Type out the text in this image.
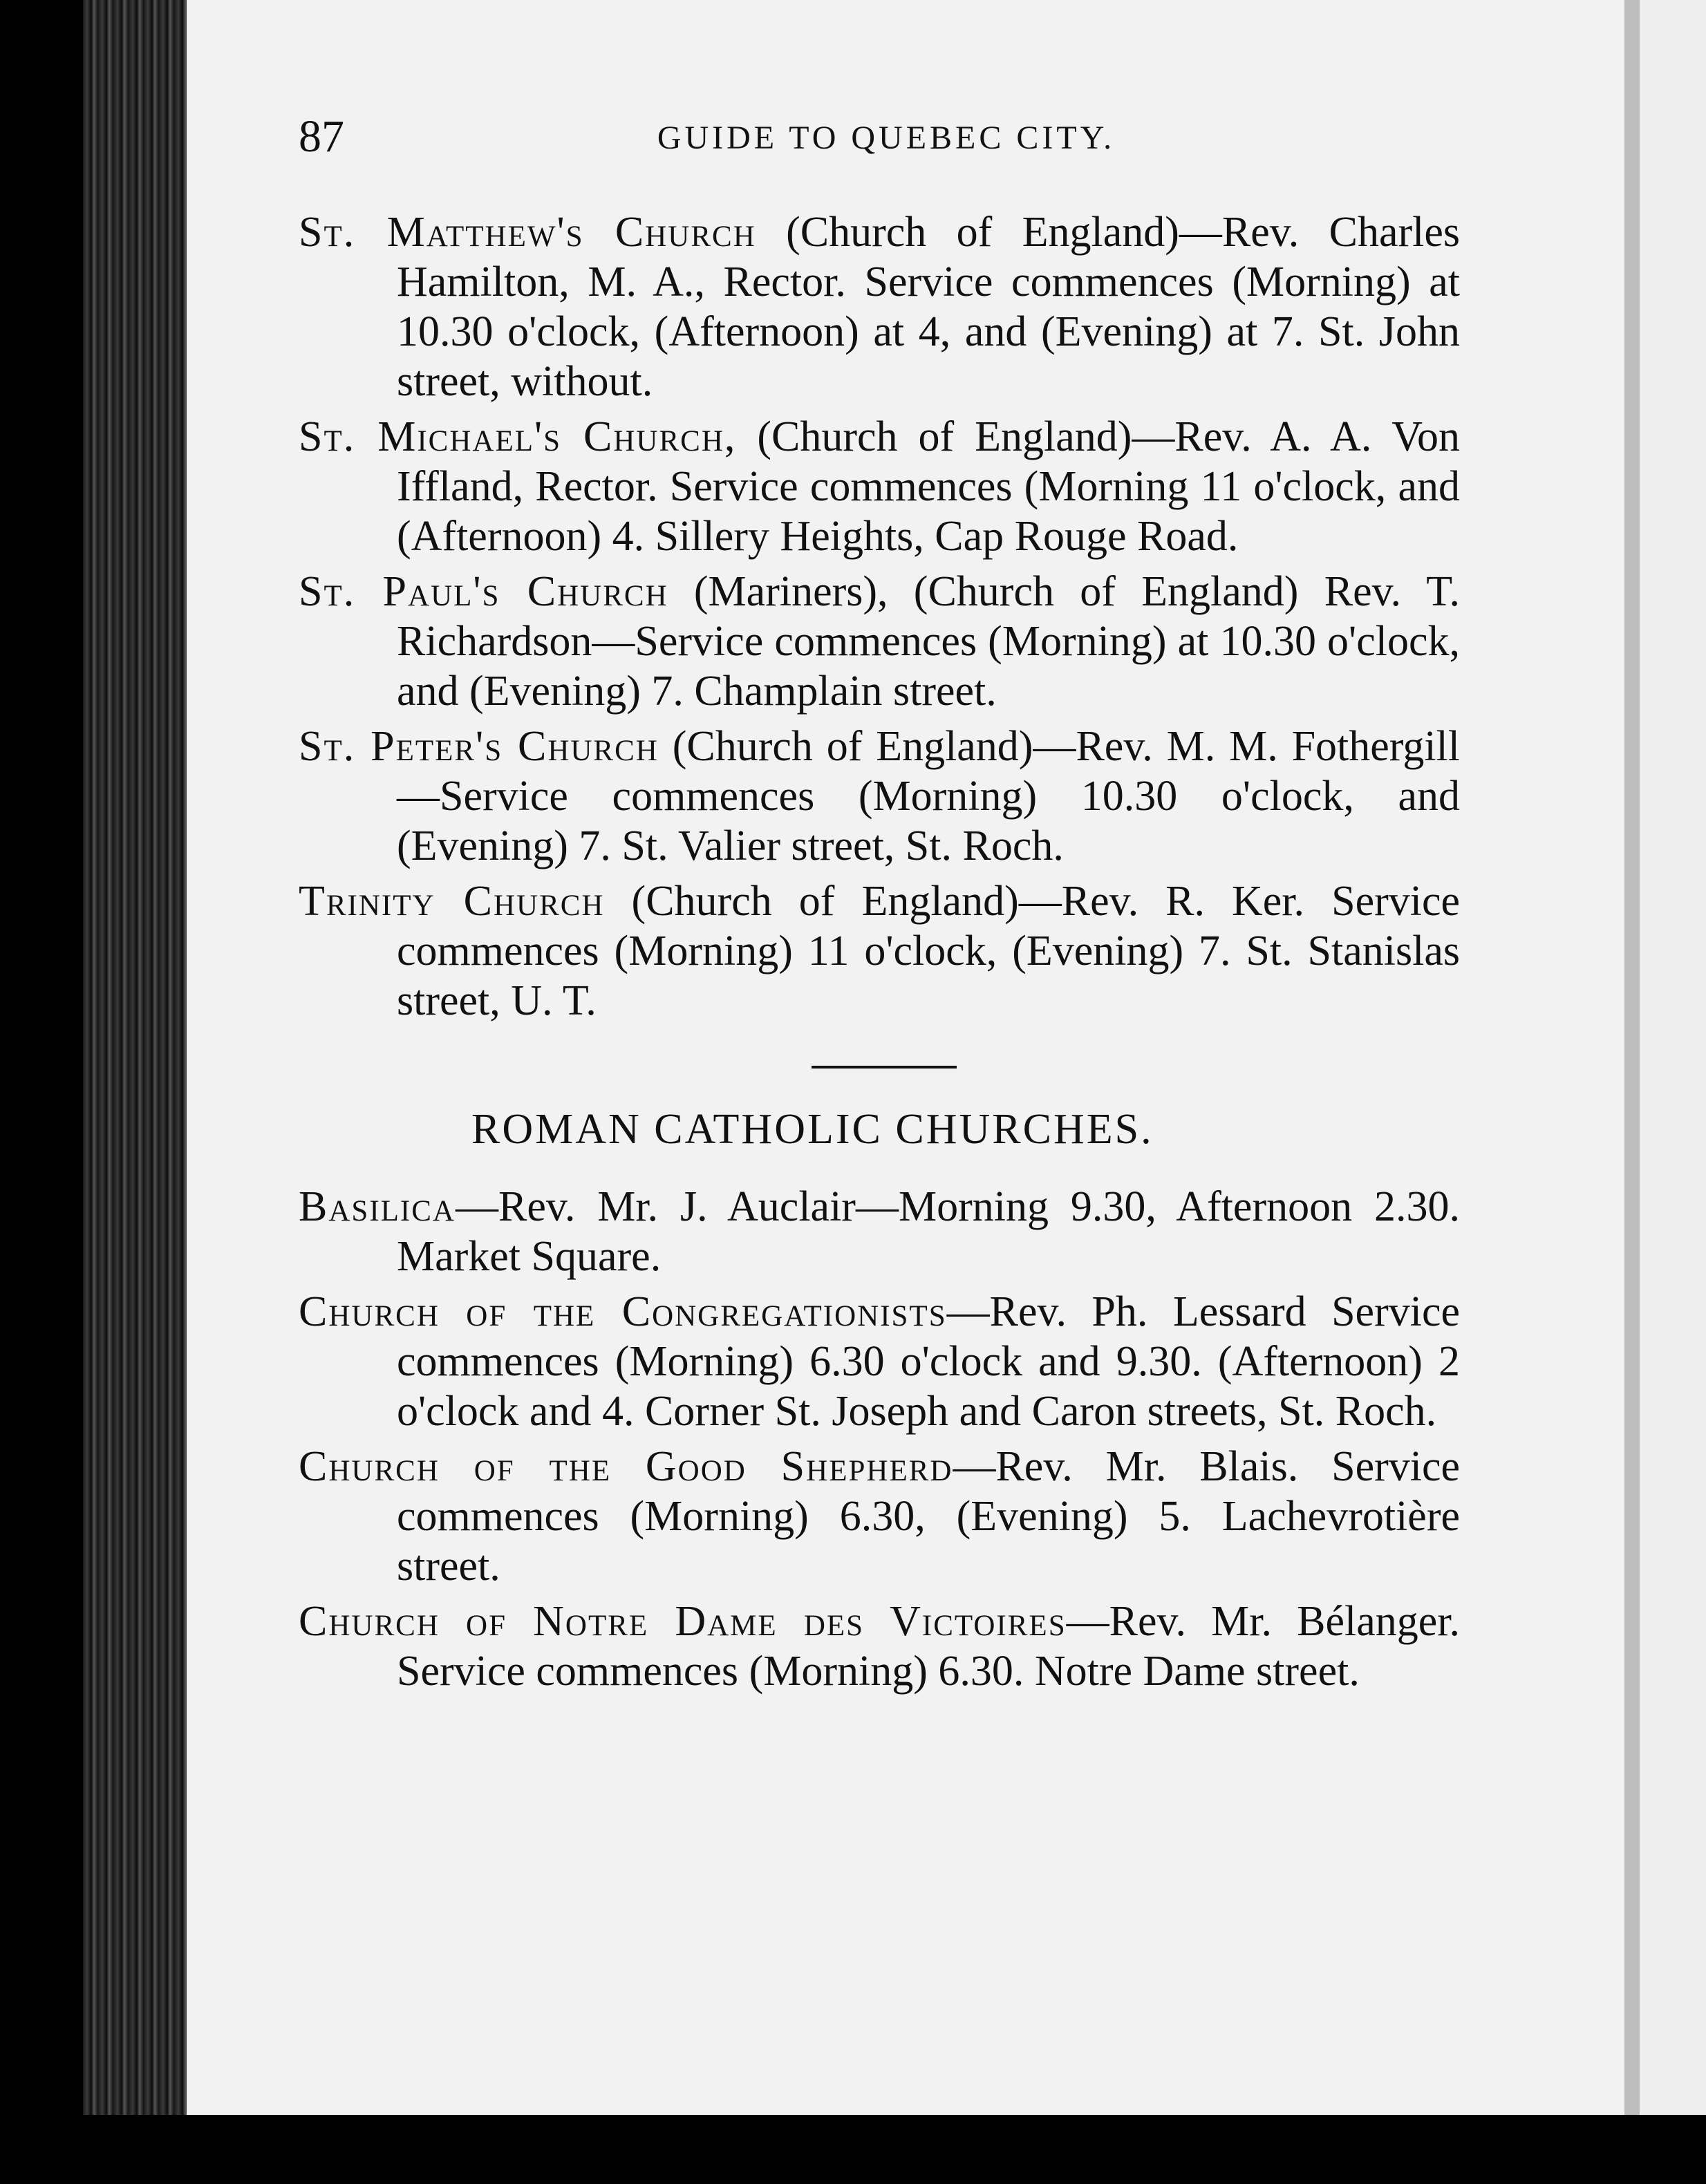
87	GUIDE TO QUEBEC CITY.

St. Matthew's Church (Church of England)—Rev. Charles Hamilton, M. A., Rector. Service commences (Morning) at 10.30 o'clock, (Afternoon) at 4, and (Evening) at 7. St. John street, without.

St. Michael's Church, (Church of England)—Rev. A. A. Von Iffland, Rector. Service commences (Morning 11 o'clock, and (Afternoon) 4. Sillery Heights, Cap Rouge Road.

St. Paul's Church (Mariners), (Church of England) Rev. T. Richardson—Service commences (Morning) at 10.30 o'clock, and (Evening) 7. Champlain street.

St. Peter's Church (Church of England)—Rev. M. M. Fothergill—Service commences (Morning) 10.30 o'clock, and (Evening) 7. St. Valier street, St. Roch.

Trinity Church (Church of England)—Rev. R. Ker. Service commences (Morning) 11 o'clock, (Evening) 7. St. Stanislas street, U. T.

ROMAN CATHOLIC CHURCHES.

Basilica—Rev. Mr. J. Auclair—Morning 9.30, Afternoon 2.30. Market Square.

Church of the Congregationists—Rev. Ph. Lessard Service commences (Morning) 6.30 o'clock and 9.30. (Afternoon) 2 o'clock and 4. Corner St. Joseph and Caron streets, St. Roch.

Church of the Good Shepherd—Rev. Mr. Blais. Service commences (Morning) 6.30, (Evening) 5. Lachevrotière street.

Church of Notre Dame des Victoires—Rev. Mr. Bélanger. Service commences (Morning) 6.30. Notre Dame street.
